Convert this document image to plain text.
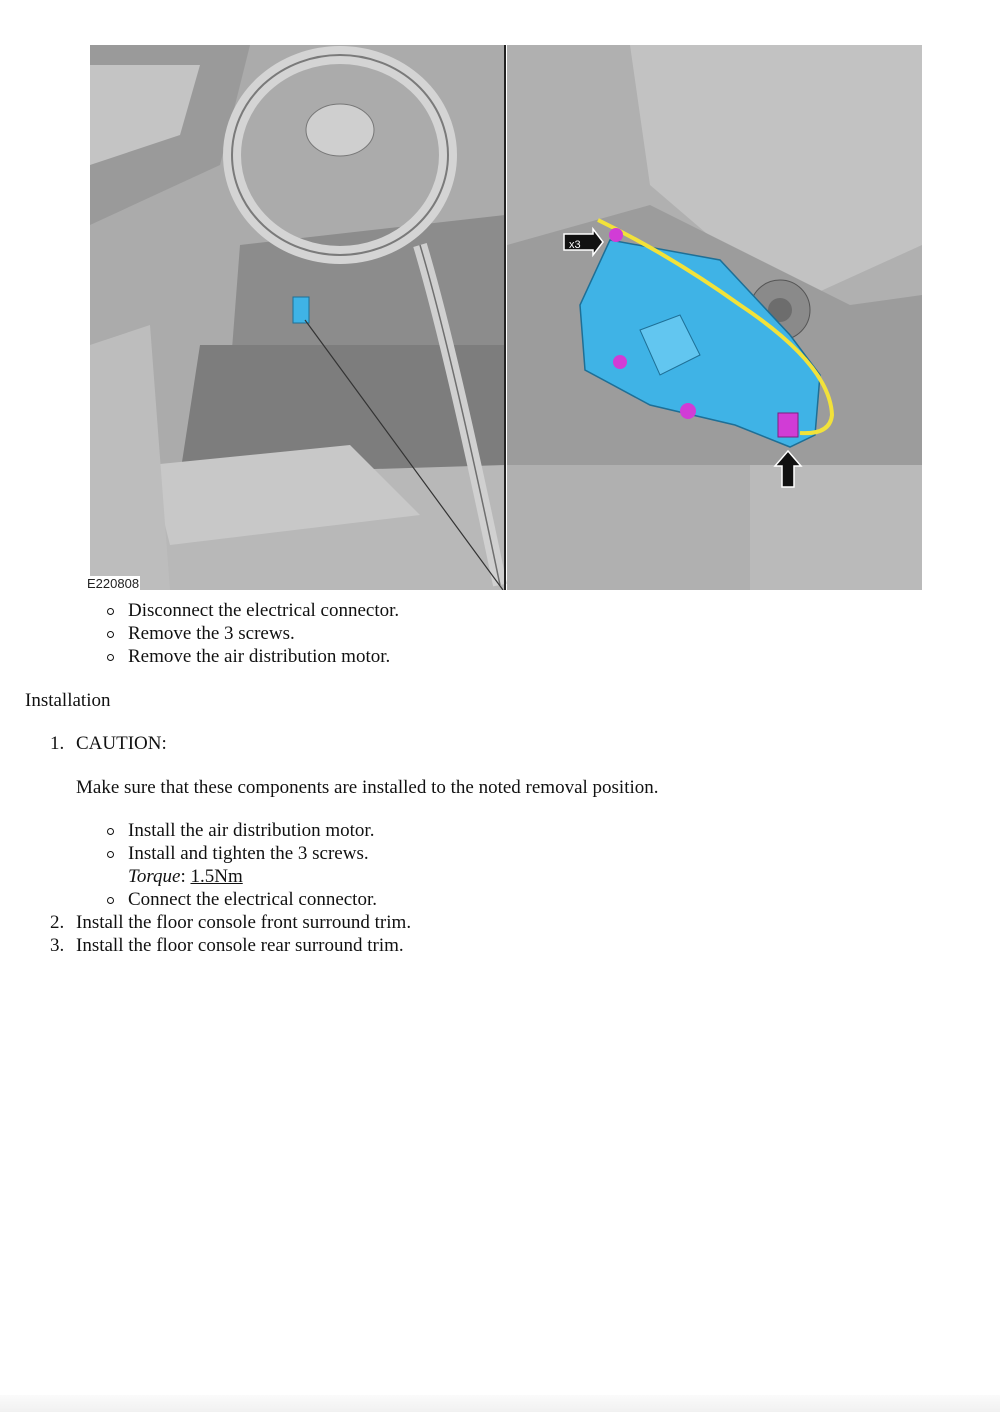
x3
E220808
Disconnect the electrical connector.
Remove the 3 screws.
Remove the air distribution motor.

Installation

1. CAUTION:

Make sure that these components are installed to the noted removal position.

Install the air distribution motor.
Install and tighten the 3 screws.
Torque: 1.5Nm
Connect the electrical connector.
2. Install the floor console front surround trim.

3. Install the floor console rear surround trim.
